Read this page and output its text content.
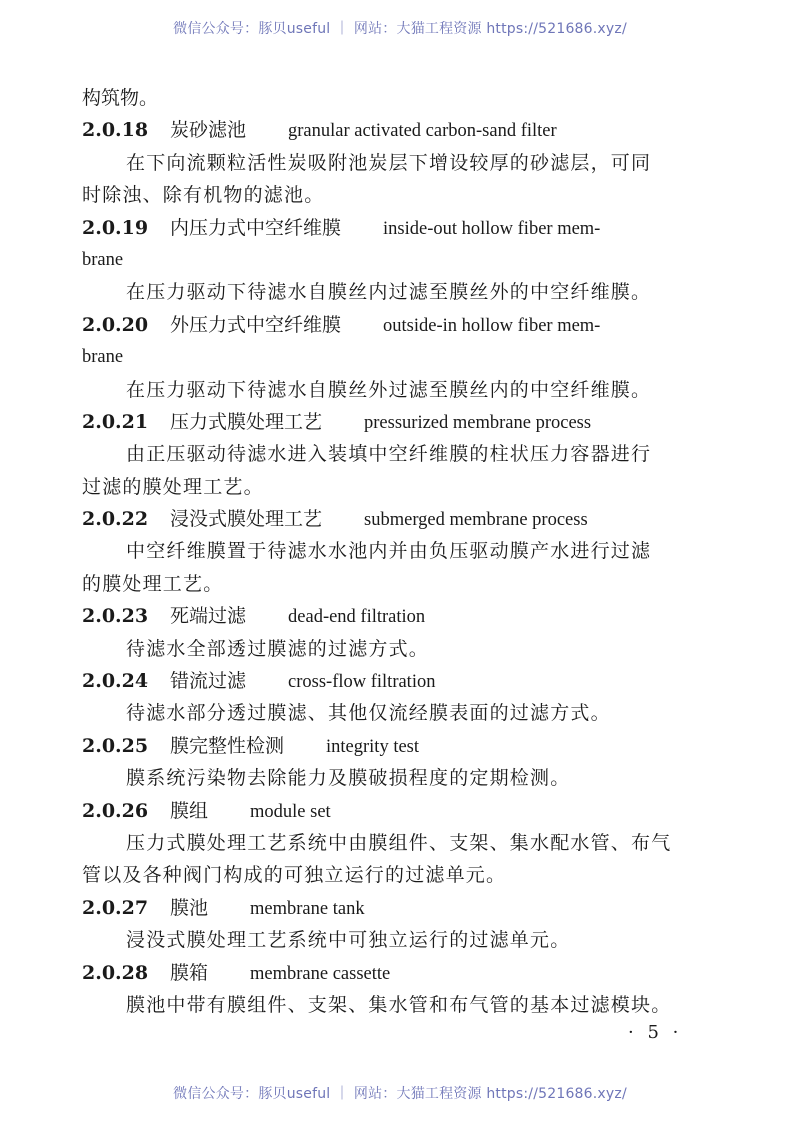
微信公众号：豚贝useful ｜ 网站：大猫工程资源 https://521686.xyz/
构筑物。
2.0.18 炭砂滤池 granular activated carbon-sand filter
在下向流颗粒活性炭吸附池炭层下增设较厚的砂滤层，可同
时除浊、除有机物的滤池。
2.0.19 内压力式中空纤维膜 inside-out hollow fiber mem-
brane
在压力驱动下待滤水自膜丝内过滤至膜丝外的中空纤维膜。
2.0.20 外压力式中空纤维膜 outside-in hollow fiber mem-
brane
在压力驱动下待滤水自膜丝外过滤至膜丝内的中空纤维膜。
2.0.21 压力式膜处理工艺 pressurized membrane process
由正压驱动待滤水进入装填中空纤维膜的柱状压力容器进行
过滤的膜处理工艺。
2.0.22 浸没式膜处理工艺 submerged membrane process
中空纤维膜置于待滤水水池内并由负压驱动膜产水进行过滤
的膜处理工艺。
2.0.23 死端过滤 dead-end filtration
待滤水全部透过膜滤的过滤方式。
2.0.24 错流过滤 cross-flow filtration
待滤水部分透过膜滤、其他仅流经膜表面的过滤方式。
2.0.25 膜完整性检测 integrity test
膜系统污染物去除能力及膜破损程度的定期检测。
2.0.26 膜组 module set
压力式膜处理工艺系统中由膜组件、支架、集水配水管、布气
管以及各种阀门构成的可独立运行的过滤单元。
2.0.27 膜池 membrane tank
浸没式膜处理工艺系统中可独立运行的过滤单元。
2.0.28 膜箱 membrane cassette
膜池中带有膜组件、支架、集水管和布气管的基本过滤模块。
· 5 ·
微信公众号：豚贝useful ｜ 网站：大猫工程资源 https://521686.xyz/
